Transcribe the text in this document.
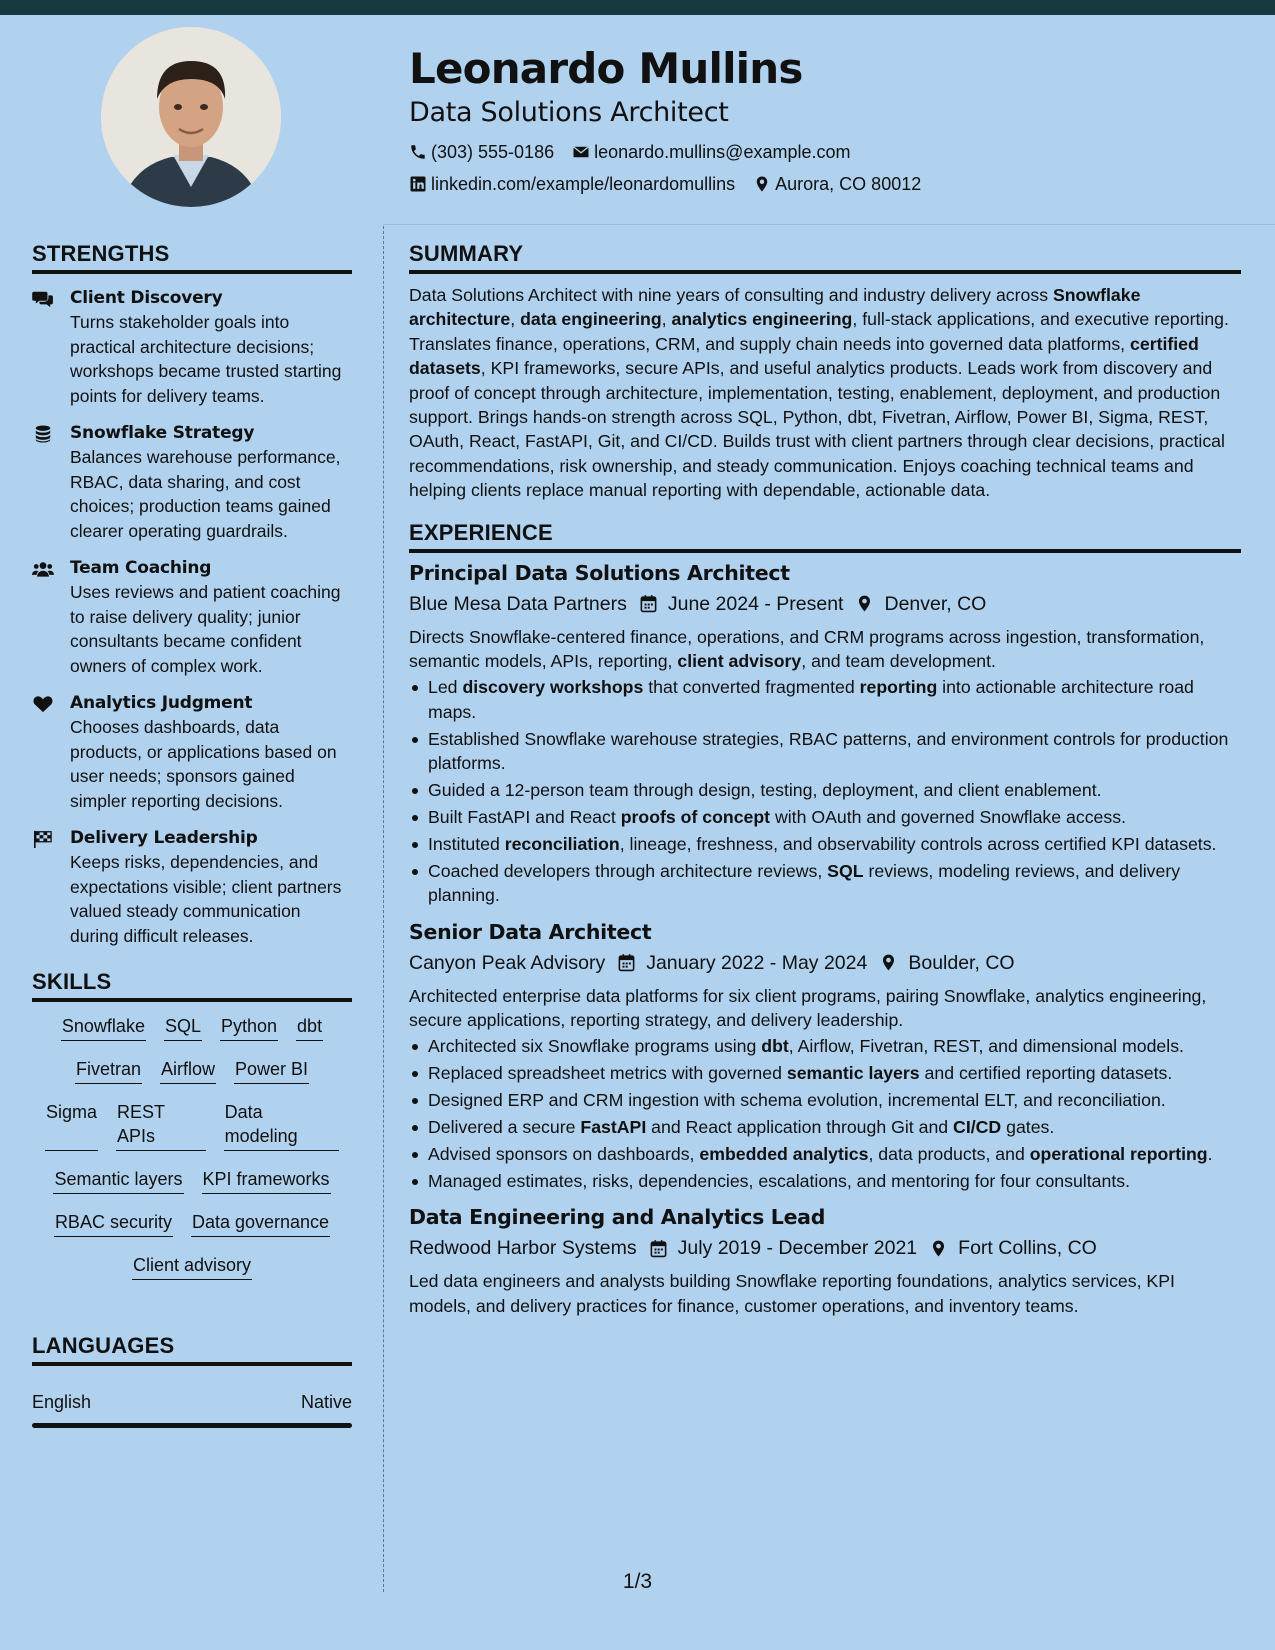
Leonardo Mullins
Data Solutions Architect
(303) 555-0186 leonardo.mullins@example.com
linkedin.com/example/leonardomullins Aurora, CO 80012
STRENGTHS
Client Discovery
Turns stakeholder goals into practical architecture decisions; workshops became trusted starting points for delivery teams.
Snowflake Strategy
Balances warehouse performance, RBAC, data sharing, and cost choices; production teams gained clearer operating guardrails.
Team Coaching
Uses reviews and patient coaching to raise delivery quality; junior consultants became confident owners of complex work.
Analytics Judgment
Chooses dashboards, data products, or applications based on user needs; sponsors gained simpler reporting decisions.
Delivery Leadership
Keeps risks, dependencies, and expectations visible; client partners valued steady communication during difficult releases.
SKILLS
Snowflake SQL Python dbt
Fivetran Airflow Power BI
Sigma REST APIs
Data modeling
Semantic layers KPI frameworks
RBAC security Data governance
Client advisory
LANGUAGES
English	Native
SUMMARY
Data Solutions Architect with nine years of consulting and industry delivery across Snowflake architecture, data engineering, analytics engineering, full-stack applications, and executive reporting. Translates finance, operations, CRM, and supply chain needs into governed data platforms, certified datasets, KPI frameworks, secure APIs, and useful analytics products. Leads work from discovery and proof of concept through architecture, implementation, testing, enablement, deployment, and production support. Brings hands-on strength across SQL, Python, dbt, Fivetran, Airflow, Power BI, Sigma, REST, OAuth, React, FastAPI, Git, and CI/CD. Builds trust with client partners through clear decisions, practical recommendations, risk ownership, and steady communication. Enjoys coaching technical teams and helping clients replace manual reporting with dependable, actionable data.
EXPERIENCE
Principal Data Solutions Architect
Blue Mesa Data Partners June 2024 - Present Denver, CO
Directs Snowflake-centered finance, operations, and CRM programs across ingestion, transformation, semantic models, APIs, reporting, client advisory, and team development.
Led discovery workshops that converted fragmented reporting into actionable architecture road maps.
Established Snowflake warehouse strategies, RBAC patterns, and environment controls for production platforms.
Guided a 12-person team through design, testing, deployment, and client enablement.
Built FastAPI and React proofs of concept with OAuth and governed Snowflake access.
Instituted reconciliation, lineage, freshness, and observability controls across certified KPI datasets.
Coached developers through architecture reviews, SQL reviews, modeling reviews, and delivery planning.
Senior Data Architect
Canyon Peak Advisory January 2022 - May 2024 Boulder, CO
Architected enterprise data platforms for six client programs, pairing Snowflake, analytics engineering, secure applications, reporting strategy, and delivery leadership.
Architected six Snowflake programs using dbt, Airflow, Fivetran, REST, and dimensional models.
Replaced spreadsheet metrics with governed semantic layers and certified reporting datasets.
Designed ERP and CRM ingestion with schema evolution, incremental ELT, and reconciliation.
Delivered a secure FastAPI and React application through Git and CI/CD gates.
Advised sponsors on dashboards, embedded analytics, data products, and operational reporting.
Managed estimates, risks, dependencies, escalations, and mentoring for four consultants.
Data Engineering and Analytics Lead
Redwood Harbor Systems July 2019 - December 2021 Fort Collins, CO
Led data engineers and analysts building Snowflake reporting foundations, analytics services, KPI models, and delivery practices for finance, customer operations, and inventory teams.
1/3
